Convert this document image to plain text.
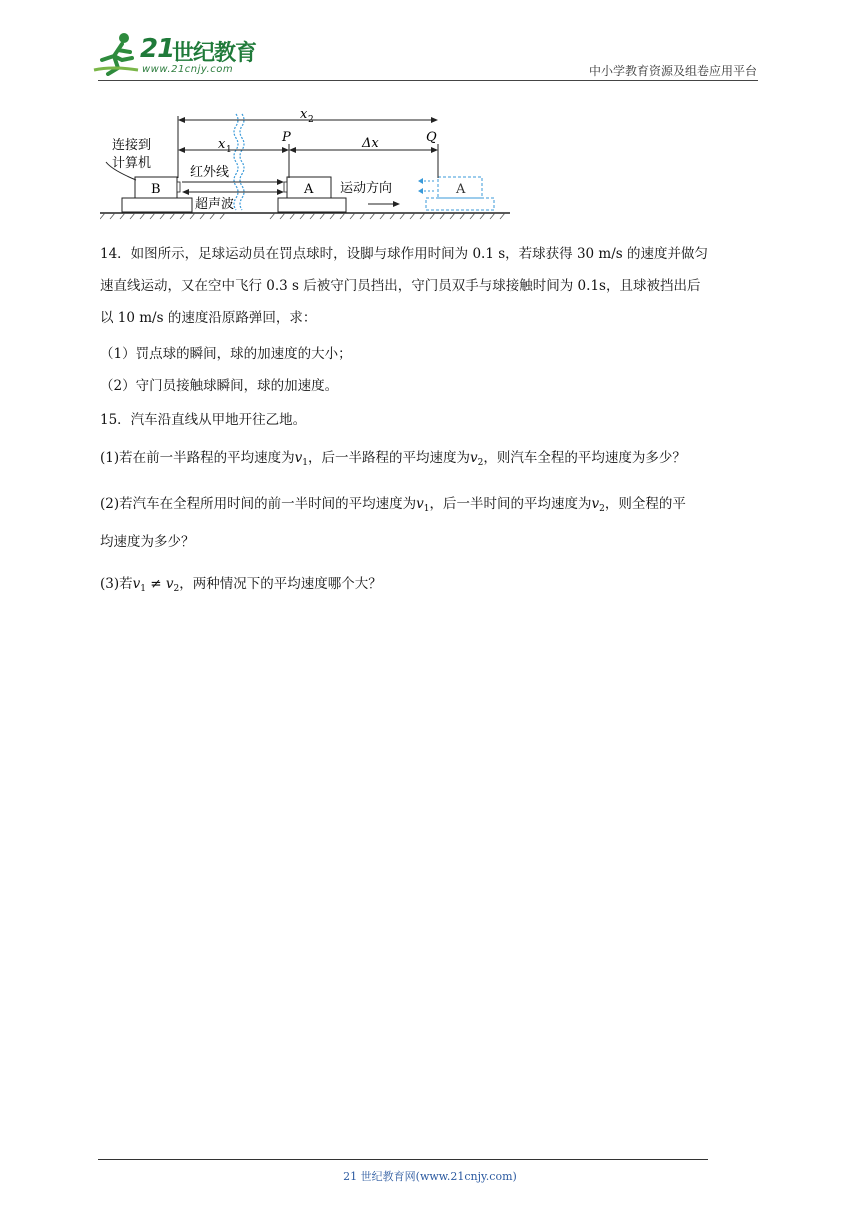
21
世纪教育
www.21cnjy.com	中小学教育资源及组卷应用平台
B
连接到
计算机
A	A
运动方向
红外线
超声波
x 2
x 1	Δx
P	Q
14．如图所示，足球运动员在罚点球时，设脚与球作用时间为 0.1 s，若球获得 30 m/s 的速度并做匀
速直线运动，又在空中飞行 0.3 s 后被守门员挡出，守门员双手与球接触时间为 0.1s，且球被挡出后
以 10 m/s 的速度沿原路弹回，求：
（1）罚点球的瞬间，球的加速度的大小；
（2）守门员接触球瞬间，球的加速度。
15．汽车沿直线从甲地开往乙地。
(1)若在前一半路程的平均速度为$v_1$，后一半路程的平均速度为$v_2$，则汽车全程的平均速度为多少？
(2)若汽车在全程所用时间的前一半时间的平均速度为$v_1$，后一半时间的平均速度为$v_2$，则全程的平
均速度为多少？
(3)若$v_1 \ne v_2$，两种情况下的平均速度哪个大？
21 世纪教育网(www.21cnjy.com)
